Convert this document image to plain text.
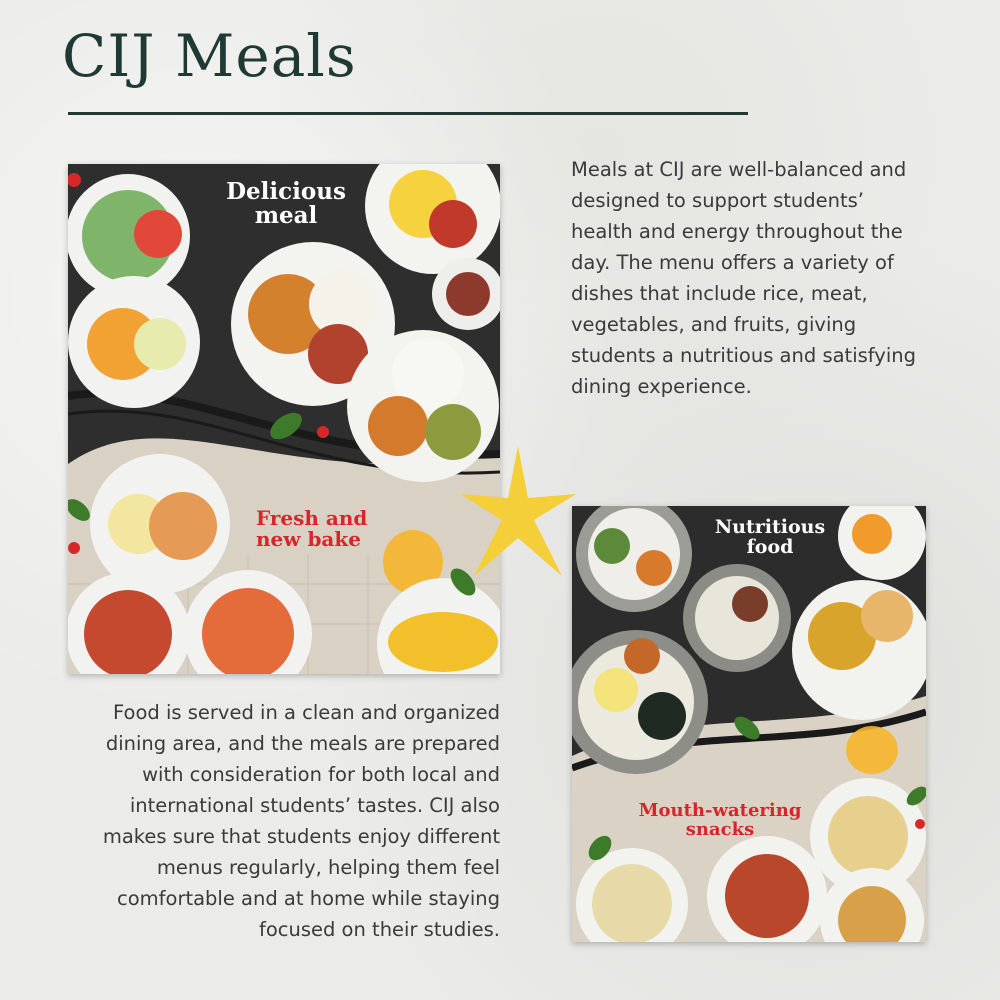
CIJ Meals

Delicious
meal

Fresh and
new bake	Nutritious
food

Mouth-watering
snacks

Meals at CIJ are well-balanced and designed to support students’ health and energy throughout the day. The menu offers a variety of dishes that include rice, meat, vegetables, and fruits, giving students a nutritious and satisfying dining experience.

Food is served in a clean and organized dining area, and the meals are prepared with consideration for both local and international students’ tastes. CIJ also makes sure that students enjoy different menus regularly, helping them feel comfortable and at home while staying focused on their studies.
